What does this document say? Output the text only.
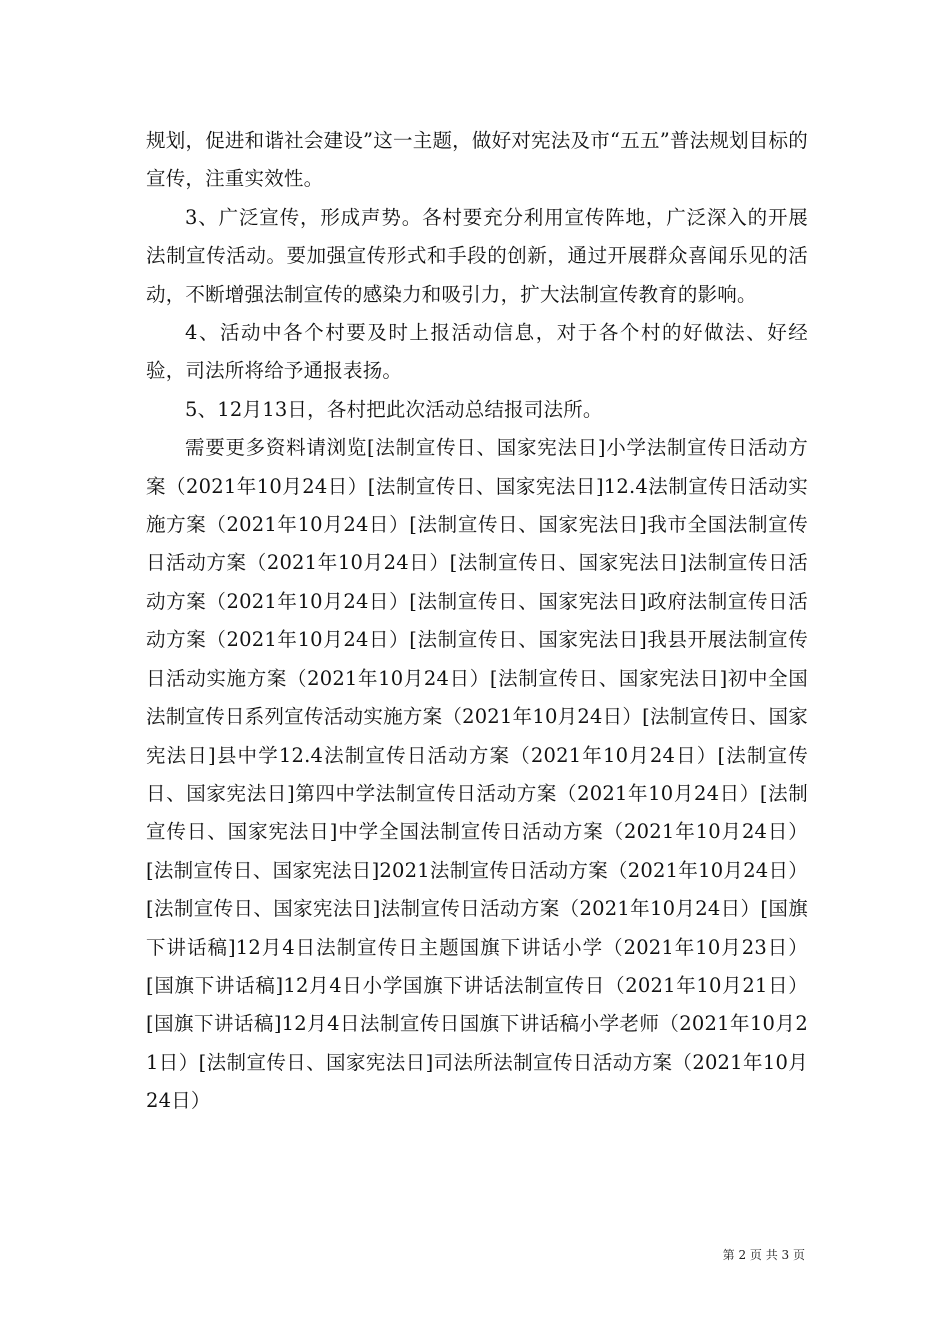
规划，促进和谐社会建设”这一主题，做好对宪法及市“五五”普法规划目标的宣传，注重实效性。

3、广泛宣传，形成声势。各村要充分利用宣传阵地，广泛深入的开展法制宣传活动。要加强宣传形式和手段的创新，通过开展群众喜闻乐见的活动，不断增强法制宣传的感染力和吸引力，扩大法制宣传教育的影响。

4、活动中各个村要及时上报活动信息，对于各个村的好做法、好经验，司法所将给予通报表扬。

5、12月13日，各村把此次活动总结报司法所。

需要更多资料请浏览[法制宣传日、国家宪法日]小学法制宣传日活动方案（2021年10月24日）[法制宣传日、国家宪法日]12.4法制宣传日活动实施方案（2021年10月24日）[法制宣传日、国家宪法日]我市全国法制宣传日活动方案（2021年10月24日）[法制宣传日、国家宪法日]法制宣传日活动方案（2021年10月24日）[法制宣传日、国家宪法日]政府法制宣传日活动方案（2021年10月24日）[法制宣传日、国家宪法日]我县开展法制宣传日活动实施方案（2021年10月24日）[法制宣传日、国家宪法日]初中全国法制宣传日系列宣传活动实施方案（2021年10月24日）[法制宣传日、国家宪法日]县中学12.4法制宣传日活动方案（2021年10月24日）[法制宣传日、国家宪法日]第四中学法制宣传日活动方案（2021年10月24日）[法制宣传日、国家宪法日]中学全国法制宣传日活动方案（2021年10月24日）[法制宣传日、国家宪法日]2021法制宣传日活动方案（2021年10月24日）[法制宣传日、国家宪法日]法制宣传日活动方案（2021年10月24日）[国旗下讲话稿]12月4日法制宣传日主题国旗下讲话小学（2021年10月23日）[国旗下讲话稿]12月4日小学国旗下讲话法制宣传日（2021年10月21日）[国旗下讲话稿]12月4日法制宣传日国旗下讲话稿小学老师（2021年10月21日）[法制宣传日、国家宪法日]司法所法制宣传日活动方案（2021年10月24日）

第 2 页 共 3 页
